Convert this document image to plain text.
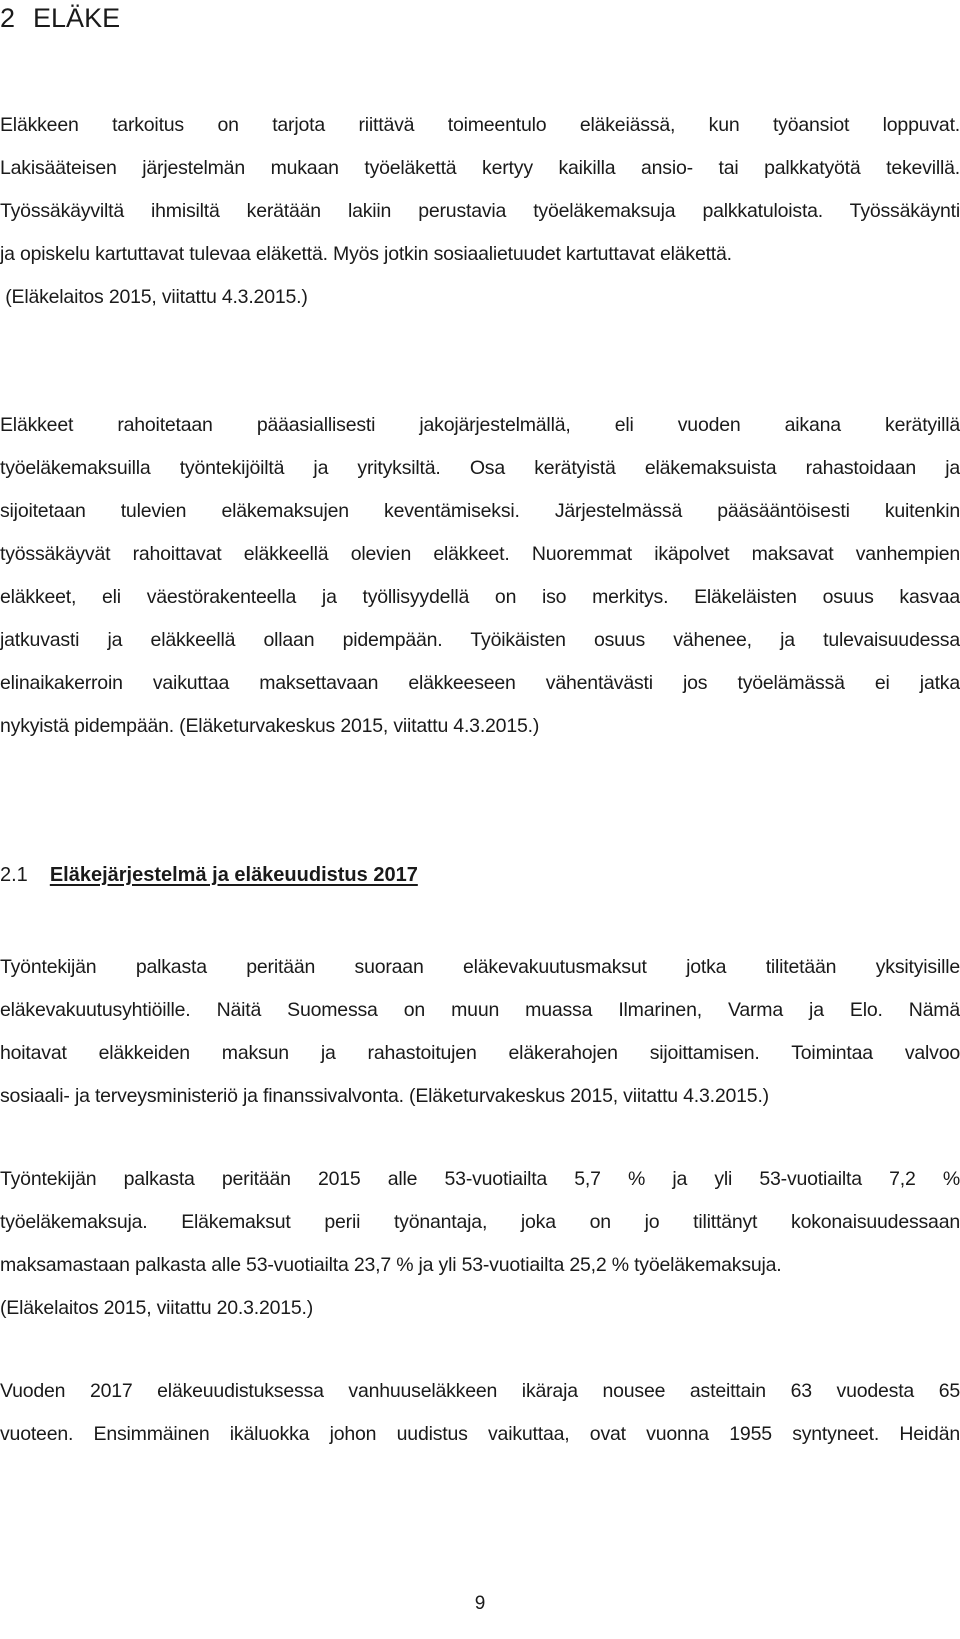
2 ELÄKE

Eläkkeen tarkoitus on tarjota riittävä toimeentulo eläkeiässä, kun työansiot loppuvat.
Lakisääteisen järjestelmän mukaan työeläkettä kertyy kaikilla ansio- tai palkkatyötä tekevillä.
Työssäkäyviltä ihmisiltä kerätään lakiin perustavia työeläkemaksuja palkkatuloista. Työssäkäynti
ja opiskelu kartuttavat tulevaa eläkettä. Myös jotkin sosiaalietuudet kartuttavat eläkettä.
(Eläkelaitos 2015, viitattu 4.3.2015.)

Eläkkeet rahoitetaan pääasiallisesti jakojärjestelmällä, eli vuoden aikana kerätyillä
työeläkemaksuilla työntekijöiltä ja yrityksiltä. Osa kerätyistä eläkemaksuista rahastoidaan ja
sijoitetaan tulevien eläkemaksujen keventämiseksi. Järjestelmässä pääsääntöisesti kuitenkin
työssäkäyvät rahoittavat eläkkeellä olevien eläkkeet. Nuoremmat ikäpolvet maksavat vanhempien
eläkkeet, eli väestörakenteella ja työllisyydellä on iso merkitys. Eläkeläisten osuus kasvaa
jatkuvasti ja eläkkeellä ollaan pidempään. Työikäisten osuus vähenee, ja tulevaisuudessa
elinaikakerroin vaikuttaa maksettavaan eläkkeeseen vähentävästi jos työelämässä ei jatka
nykyistä pidempään. (Eläketurvakeskus 2015, viitattu 4.3.2015.)

2.1 Eläkejärjestelmä ja eläkeuudistus 2017

Työntekijän palkasta peritään suoraan eläkevakuutusmaksut jotka tilitetään yksityisille
eläkevakuutusyhtiöille. Näitä Suomessa on muun muassa Ilmarinen, Varma ja Elo. Nämä
hoitavat eläkkeiden maksun ja rahastoitujen eläkerahojen sijoittamisen. Toimintaa valvoo
sosiaali- ja terveysministeriö ja finanssivalvonta. (Eläketurvakeskus 2015, viitattu 4.3.2015.)

Työntekijän palkasta peritään 2015 alle 53-vuotiailta 5,7 % ja yli 53-vuotiailta 7,2 %
työeläkemaksuja. Eläkemaksut perii työnantaja, joka on jo tilittänyt kokonaisuudessaan
maksamastaan palkasta alle 53-vuotiailta 23,7 % ja yli 53-vuotiailta 25,2 % työeläkemaksuja.
(Eläkelaitos 2015, viitattu 20.3.2015.)

Vuoden 2017 eläkeuudistuksessa vanhuuseläkkeen ikäraja nousee asteittain 63 vuodesta 65
vuoteen. Ensimmäinen ikäluokka johon uudistus vaikuttaa, ovat vuonna 1955 syntyneet. Heidän

9
